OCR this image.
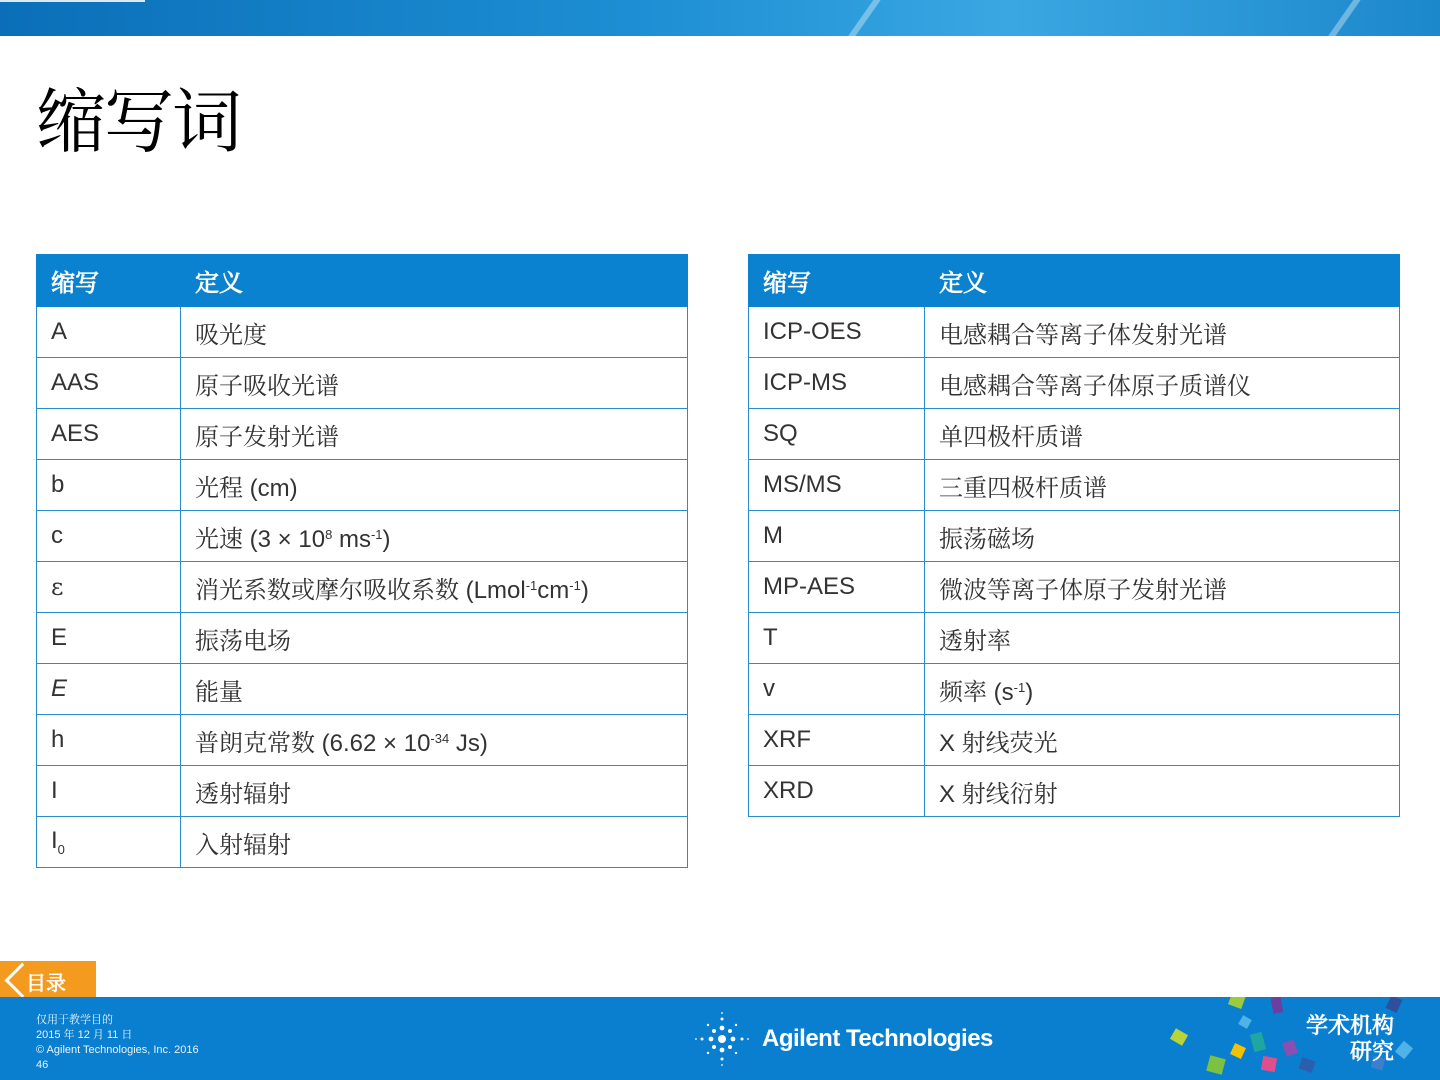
缩写词
缩写	定义
A	吸光度
AAS	原子吸收光谱
AES	原子发射光谱
b	光程 (cm)
c	光速 ($3 \times 10^8$ $ms^{-1}$)
ε	消光系数或摩尔吸收系数 $(Lmol^{-1}cm^{-1})$
E	振荡电场
E	能量
h	普朗克常数 ($6.62 \times 10^{-34}$ Js)
I	透射辐射
$I_0$	入射辐射
缩写	定义
ICP-OES	电感耦合等离子体发射光谱
ICP-MS	电感耦合等离子体原子质谱仪
SQ	单四极杆质谱
MS/MS	三重四极杆质谱
M	振荡磁场
MP-AES	微波等离子体原子发射光谱
T	透射率
v	频率 $(s^{-1})$
XRF	X 射线荧光
XRD	X 射线衍射
目录
仅用于教学目的
2015 年 12 月 11 日
© Agilent Technologies, Inc. 2016
46
Agilent Technologies	学术机构
研究
